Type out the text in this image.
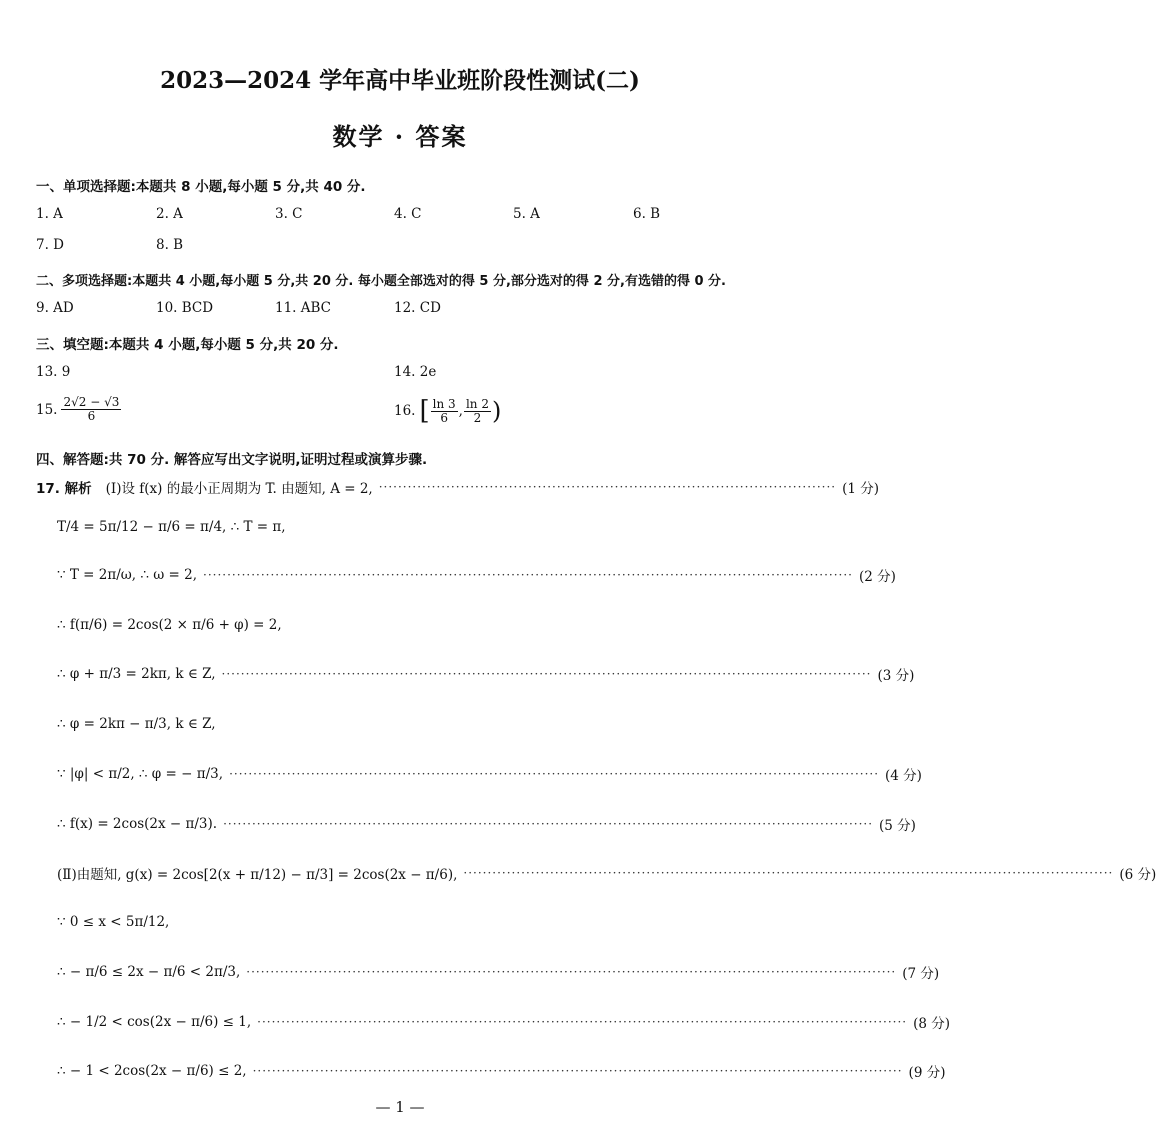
2023—2024 学年高中毕业班阶段性测试(二)
数学 · 答案
一、单项选择题:本题共 8 小题,每小题 5 分,共 40 分.
1. A	2. A	3. C	4. C	5. A	6. B
7. D	8. B
二、多项选择题:本题共 4 小题,每小题 5 分,共 20 分. 每小题全部选对的得 5 分,部分选对的得 2 分,有选错的得 0 分.
9. AD	10. BCD	11. ABC	12. CD
三、填空题:本题共 4 小题,每小题 5 分,共 20 分.
13. 9	14. 2e
15. $\frac{2√2 - √3}{6}$	16. [ $\frac{\ln 3}{6}$ , $\frac{\ln 2}{2}$ )
四、解答题:共 70 分. 解答应写出文字说明,证明过程或演算步骤.
17. 解析 (Ⅰ)设 f(x) 的最小正周期为 T. 由题知, A = 2, ······························································································· (1 分)
T/4 = 5π/12 − π/6 = π/4, ∴ T = π,
∵ T = 2π/ω, ∴ ω = 2, ······································································································································· (2 分)
∴ f(π/6) = 2cos(2 × π/6 + φ) = 2,
∴ φ + π/3 = 2kπ, k ∈ Z, ······································································································································· (3 分)
∴ φ = 2kπ − π/3, k ∈ Z,
∵ |φ| < π/2, ∴ φ = − π/3, ······································································································································· (4 分)
∴ f(x) = 2cos(2x − π/3). ······································································································································· (5 分)
(Ⅱ)由题知, g(x) = 2cos[2(x + π/12) − π/3] = 2cos(2x − π/6), ······································································································································· (6 分)
∵ 0 ≤ x < 5π/12,
∴ − π/6 ≤ 2x − π/6 < 2π/3, ······································································································································· (7 分)
∴ − 1/2 < cos(2x − π/6) ≤ 1, ······································································································································· (8 分)
∴ − 1 < 2cos(2x − π/6) ≤ 2, ······································································································································· (9 分)
— 1 —
